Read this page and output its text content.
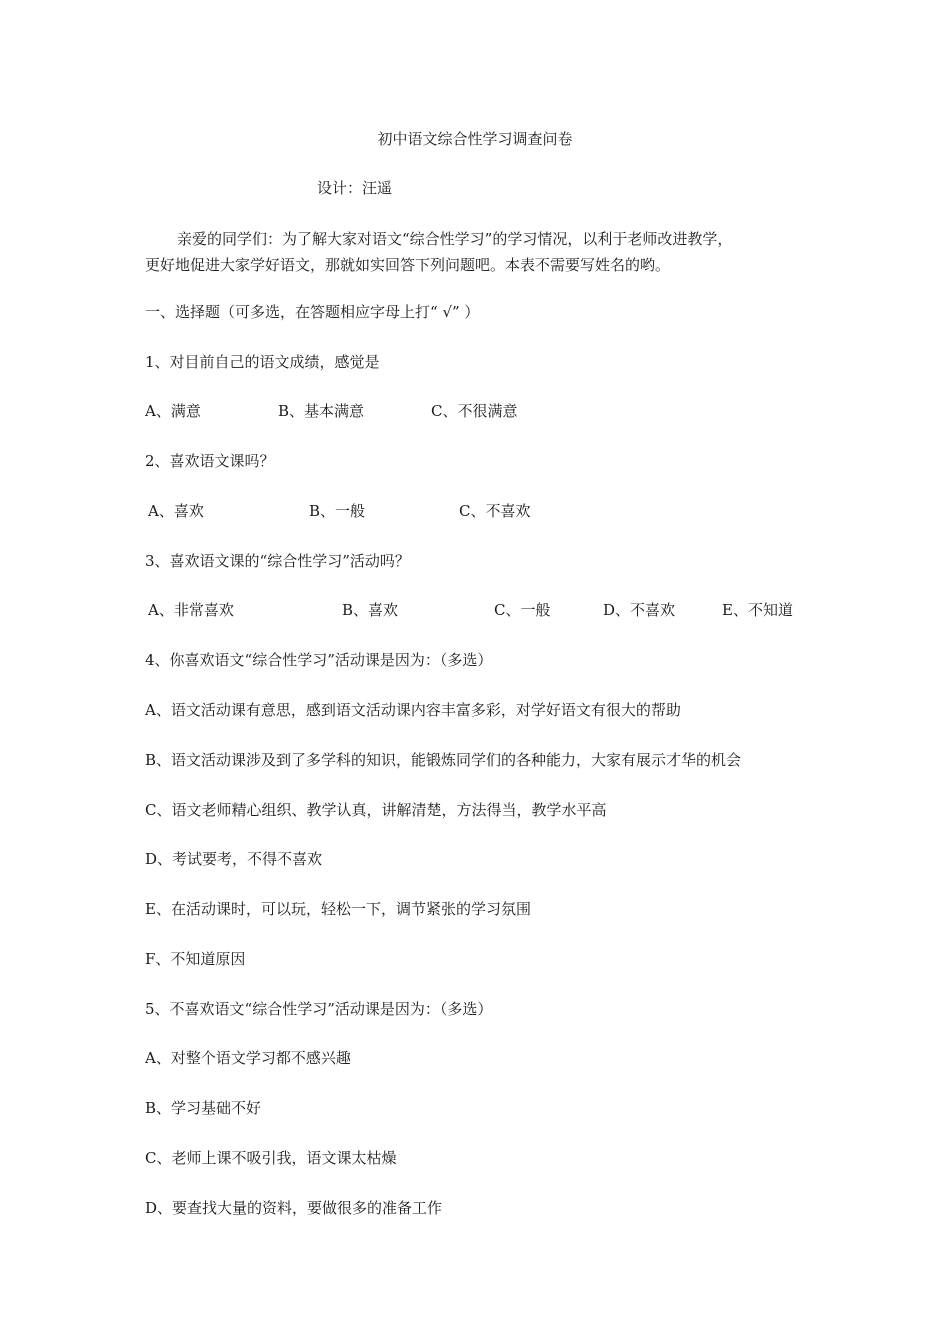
初中语文综合性学习调查问卷
设计：汪遥
亲爱的同学们：为了解大家对语文“综合性学习”的学习情况，以利于老师改进教学，
更好地促进大家学好语文，那就如实回答下列问题吧。本表不需要写姓名的哟。
一、选择题（可多选，在答题相应字母上打“ √” ）
1、对目前自己的语文成绩，感觉是
A、满意	B、基本满意	C、不很满意
2、喜欢语文课吗？
A、喜欢	B、一般	C、不喜欢
3、喜欢语文课的“综合性学习”活动吗？
A、非常喜欢	B、喜欢	C、一般	D、不喜欢	E、不知道
4、你喜欢语文“综合性学习”活动课是因为：（多选）
A、语文活动课有意思，感到语文活动课内容丰富多彩，对学好语文有很大的帮助
B、语文活动课涉及到了多学科的知识，能锻炼同学们的各种能力，大家有展示才华的机会
C、语文老师精心组织、教学认真，讲解清楚，方法得当，教学水平高
D、考试要考，不得不喜欢
E、在活动课时，可以玩，轻松一下，调节紧张的学习氛围
F、不知道原因
5、不喜欢语文“综合性学习”活动课是因为：（多选）
A、对整个语文学习都不感兴趣
B、学习基础不好
C、老师上课不吸引我，语文课太枯燥
D、要查找大量的资料，要做很多的准备工作
